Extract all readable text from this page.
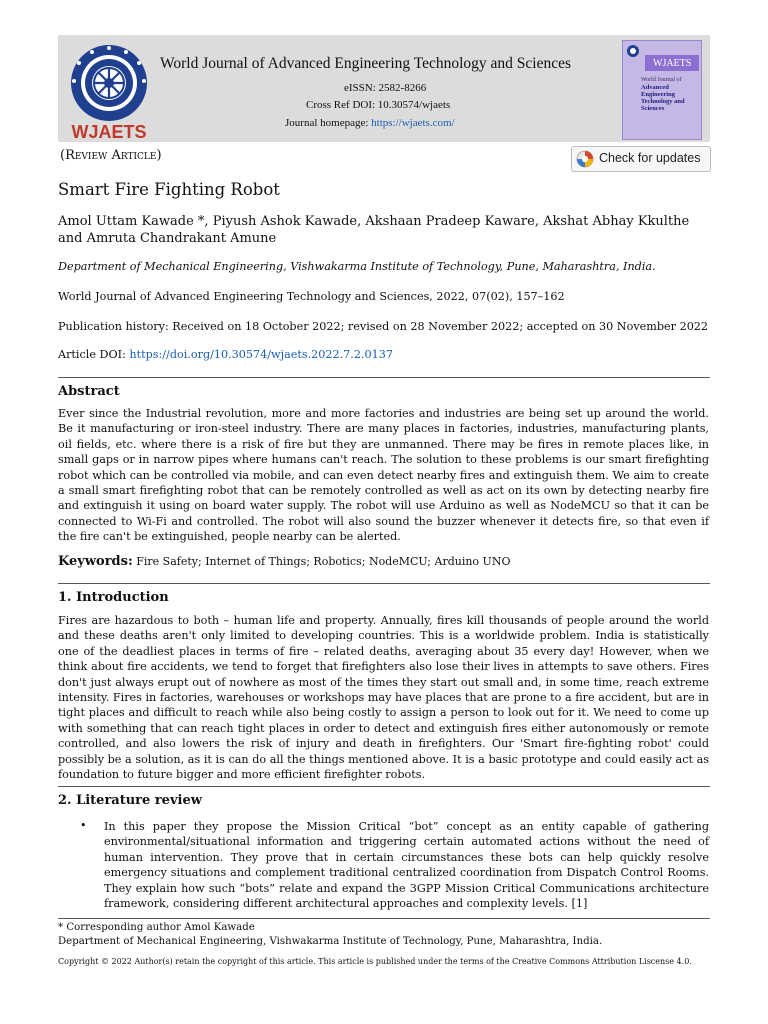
WJAETS
World Journal of Advanced Engineering Technology and Sciences
eISSN: 2582-8266
Cross Ref DOI: 10.30574/wjaets
Journal homepage: https://wjaets.com/
WJAETS
World Journal of
Advanced Engineering Technology and Sciences
(Review Article)	Check for updates
Smart Fire Fighting Robot
Amol Uttam Kawade *, Piyush Ashok Kawade, Akshaan Pradeep Kaware, Akshat Abhay Kkulthe and Amruta Chandrakant Amune
Department of Mechanical Engineering, Vishwakarma Institute of Technology, Pune, Maharashtra, India.
World Journal of Advanced Engineering Technology and Sciences, 2022, 07(02), 157–162
Publication history: Received on 18 October 2022; revised on 28 November 2022; accepted on 30 November 2022
Article DOI: https://doi.org/10.30574/wjaets.2022.7.2.0137
Abstract
Ever since the Industrial revolution, more and more factories and industries are being set up around the world. Be it manufacturing or iron-steel industry. There are many places in factories, industries, manufacturing plants, oil fields, etc. where there is a risk of fire but they are unmanned. There may be fires in remote places like, in small gaps or in narrow pipes where humans can't reach. The solution to these problems is our smart firefighting robot which can be controlled via mobile, and can even detect nearby fires and extinguish them. We aim to create a small smart firefighting robot that can be remotely controlled as well as act on its own by detecting nearby fire and extinguish it using on board water supply. The robot will use Arduino as well as NodeMCU so that it can be connected to Wi-Fi and controlled. The robot will also sound the buzzer whenever it detects fire, so that even if the fire can't be extinguished, people nearby can be alerted.
Keywords: Fire Safety; Internet of Things; Robotics; NodeMCU; Arduino UNO
1. Introduction
Fires are hazardous to both – human life and property. Annually, fires kill thousands of people around the world and these deaths aren't only limited to developing countries. This is a worldwide problem. India is statistically one of the deadliest places in terms of fire – related deaths, averaging about 35 every day! However, when we think about fire accidents, we tend to forget that firefighters also lose their lives in attempts to save others. Fires don't just always erupt out of nowhere as most of the times they start out small and, in some time, reach extreme intensity. Fires in factories, warehouses or workshops may have places that are prone to a fire accident, but are in tight places and difficult to reach while also being costly to assign a person to look out for it. We need to come up with something that can reach tight places in order to detect and extinguish fires either autonomously or remote controlled, and also lowers the risk of injury and death in firefighters. Our 'Smart fire-fighting robot' could possibly be a solution, as it is can do all the things mentioned above. It is a basic prototype and could easily act as foundation to future bigger and more efficient firefighter robots.
2. Literature review
• In this paper they propose the Mission Critical “bot” concept as an entity capable of gathering environmental/situational information and triggering certain automated actions without the need of human intervention. They prove that in certain circumstances these bots can help quickly resolve emergency situations and complement traditional centralized coordination from Dispatch Control Rooms. They explain how such “bots” relate and expand the 3GPP Mission Critical Communications architecture framework, considering different architectural approaches and complexity levels. [1]
* Corresponding author Amol Kawade
Department of Mechanical Engineering, Vishwakarma Institute of Technology, Pune, Maharashtra, India.
Copyright © 2022 Author(s) retain the copyright of this article. This article is published under the terms of the Creative Commons Attribution Liscense 4.0.
